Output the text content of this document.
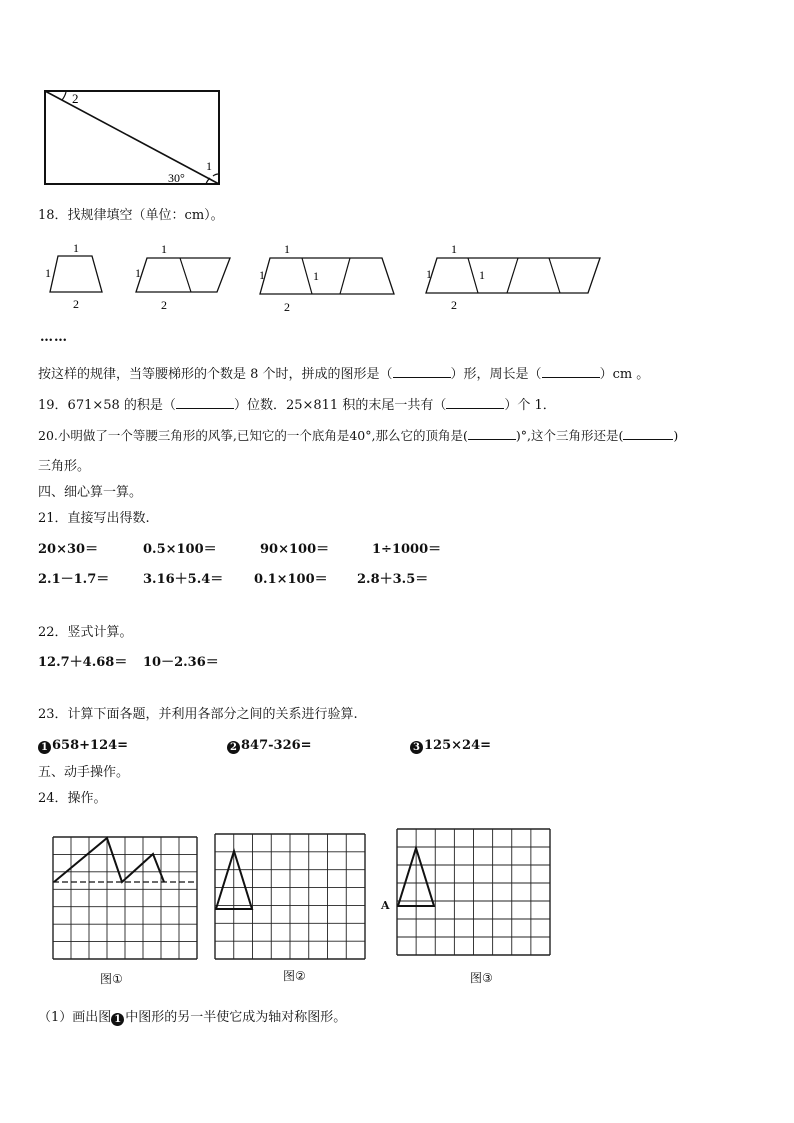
2
1
30°
18．找规律填空（单位：cm）。
1
1
2
1
1
2
1
1	1
2
1
1	1
2
……
按这样的规律，当等腰梯形的个数是 8 个时，拼成的图形是（	）形，周长是（	）cm 。
19．671×58 的积是（	）位数．25×811 积的末尾一共有（	）个 1．
20.小明做了一个等腰三角形的风筝,已知它的一个底角是40°,那么它的顶角是(	)°,这个三角形还是(	)
三角形。
四、细心算一算。
21．直接写出得数.
20×30＝	0.5×100＝	90×100＝	1÷1000＝
2.1－1.7＝	3.16＋5.4＝ 0.1×100＝ 2.8＋3.5＝
22．竖式计算。
12.7＋4.68＝ 10－2.36＝
23．计算下面各题，并利用各部分之间的关系进行验算.
1 658+124=	2 847-326=	3 125×24=
五、动手操作。
24．操作。
图①	图②
A
图③
（1）画出图 1 中图形的另一半使它成为轴对称图形。
